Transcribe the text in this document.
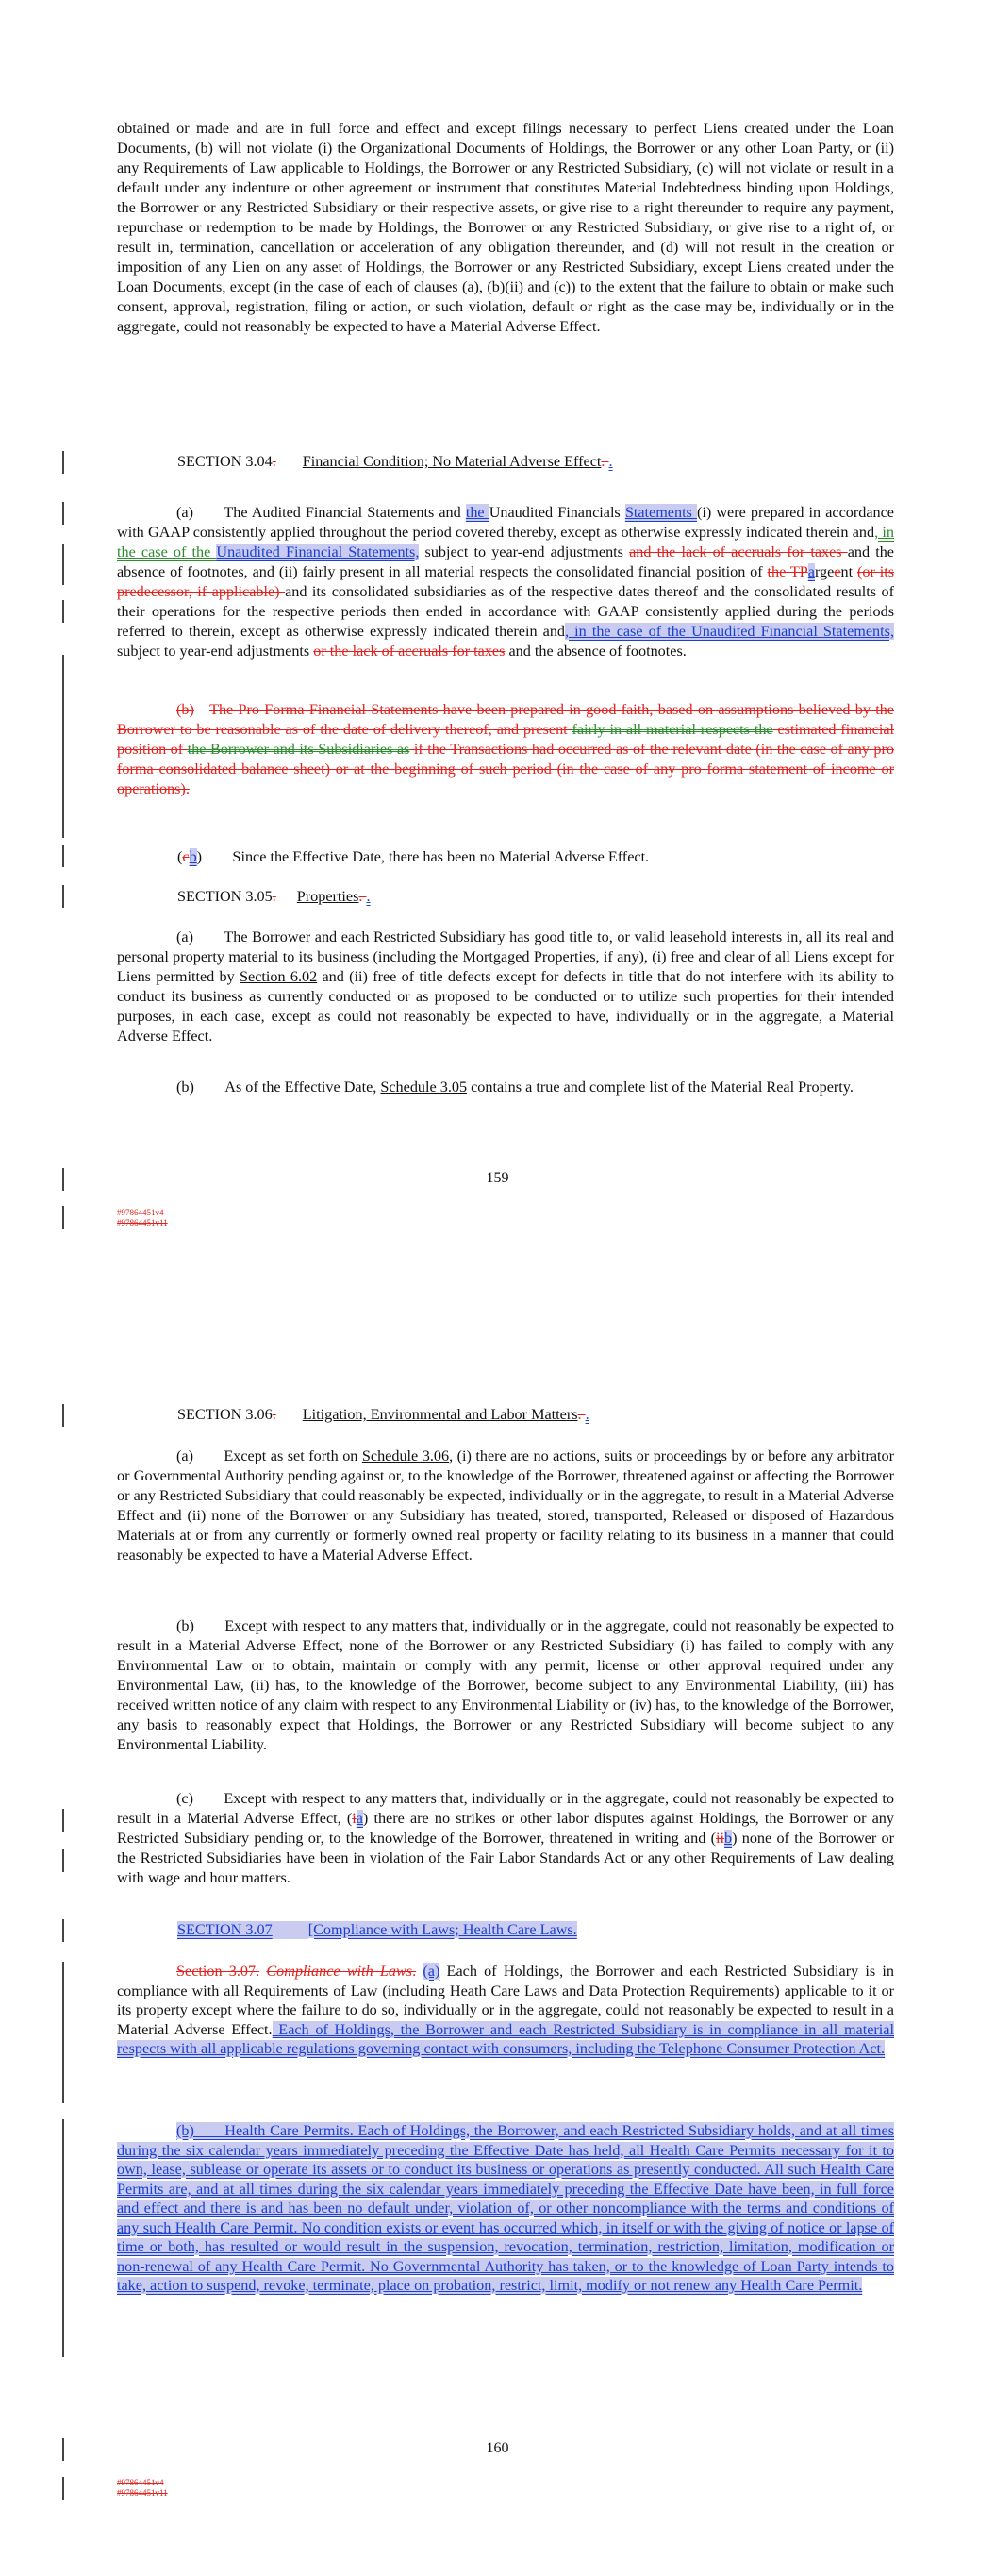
obtained or made and are in full force and effect and except filings necessary to perfect Liens created under the Loan Documents, (b) will not violate (i) the Organizational Documents of Holdings, the Borrower or any other Loan Party, or (ii) any Requirements of Law applicable to Holdings, the Borrower or any Restricted Subsidiary, (c) will not violate or result in a default under any indenture or other agreement or instrument that constitutes Material Indebtedness binding upon Holdings, the Borrower or any Restricted Subsidiary or their respective assets, or give rise to a right thereunder to require any payment, repurchase or redemption to be made by Holdings, the Borrower or any Restricted Subsidiary, or give rise to a right of, or result in, termination, cancellation or acceleration of any obligation thereunder, and (d) will not result in the creation or imposition of any Lien on any asset of Holdings, the Borrower or any Restricted Subsidiary, except Liens created under the Loan Documents, except (in the case of each of clauses (a), (b)(ii) and (c)) to the extent that the failure to obtain or make such consent, approval, registration, filing or action, or such violation, default or right as the case may be, individually or in the aggregate, could not reasonably be expected to have a Material Adverse Effect.
SECTION 3.04. Financial Condition; No Material Adverse Effect. .
(a)  The Audited Financial Statements and the Unaudited Financials Statements (i) were prepared in accordance with GAAP consistently applied throughout the period covered thereby, except as otherwise expressly indicated therein and, in the case of the Unaudited Financial Statements, subject to year-end adjustments and the lack of accruals for taxes and the absence of footnotes, and (ii) fairly present in all material respects the consolidated financial position of the TPargeent (or its predecessor, if applicable) and its consolidated subsidiaries as of the respective dates thereof and the consolidated results of their operations for the respective periods then ended in accordance with GAAP consistently applied during the periods referred to therein, except as otherwise expressly indicated therein and, in the case of the Unaudited Financial Statements, subject to year-end adjustments or the lack of accruals for taxes and the absence of footnotes.
(b)  The Pro Forma Financial Statements have been prepared in good faith, based on assumptions believed by the Borrower to be reasonable as of the date of delivery thereof, and present fairly in all material respects the estimated financial position of the Borrower and its Subsidiaries as if the Transactions had occurred as of the relevant date (in the case of any pro forma consolidated balance sheet) or at the beginning of such period (in the case of any pro forma statement of income or operations).
(cb)  Since the Effective Date, there has been no Material Adverse Effect.
SECTION 3.05. Properties. .
(a)  The Borrower and each Restricted Subsidiary has good title to, or valid leasehold interests in, all its real and personal property material to its business (including the Mortgaged Properties, if any), (i) free and clear of all Liens except for Liens permitted by Section 6.02 and (ii) free of title defects except for defects in title that do not interfere with its ability to conduct its business as currently conducted or as proposed to be conducted or to utilize such properties for their intended purposes, in each case, except as could not reasonably be expected to have, individually or in the aggregate, a Material Adverse Effect.
(b)  As of the Effective Date, Schedule 3.05 contains a true and complete list of the Material Real Property.
159
#97864451v4
#97864451v11
SECTION 3.06. Litigation, Environmental and Labor Matters. .
(a)  Except as set forth on Schedule 3.06, (i) there are no actions, suits or proceedings by or before any arbitrator or Governmental Authority pending against or, to the knowledge of the Borrower, threatened against or affecting the Borrower or any Restricted Subsidiary that could reasonably be expected, individually or in the aggregate, to result in a Material Adverse Effect and (ii) none of the Borrower or any Subsidiary has treated, stored, transported, Released or disposed of Hazardous Materials at or from any currently or formerly owned real property or facility relating to its business in a manner that could reasonably be expected to have a Material Adverse Effect.
(b)  Except with respect to any matters that, individually or in the aggregate, could not reasonably be expected to result in a Material Adverse Effect, none of the Borrower or any Restricted Subsidiary (i) has failed to comply with any Environmental Law or to obtain, maintain or comply with any permit, license or other approval required under any Environmental Law, (ii) has, to the knowledge of the Borrower, become subject to any Environmental Liability, (iii) has received written notice of any claim with respect to any Environmental Liability or (iv) has, to the knowledge of the Borrower, any basis to reasonably expect that Holdings, the Borrower or any Restricted Subsidiary will become subject to any Environmental Liability.
(c)  Except with respect to any matters that, individually or in the aggregate, could not reasonably be expected to result in a Material Adverse Effect, (ia) there are no strikes or other labor disputes against Holdings, the Borrower or any Restricted Subsidiary pending or, to the knowledge of the Borrower, threatened in writing and (iib) none of the Borrower or the Restricted Subsidiaries have been in violation of the Fair Labor Standards Act or any other Requirements of Law dealing with wage and hour matters.
SECTION 3.07 [Compliance with Laws; Health Care Laws.
Section 3.07. Compliance with Laws. (a) Each of Holdings, the Borrower and each Restricted Subsidiary is in compliance with all Requirements of Law (including Heath Care Laws and Data Protection Requirements) applicable to it or its property except where the failure to do so, individually or in the aggregate, could not reasonably be expected to result in a Material Adverse Effect. Each of Holdings, the Borrower and each Restricted Subsidiary is in compliance in all material respects with all applicable regulations governing contact with consumers, including the Telephone Consumer Protection Act.
(b)  Health Care Permits. Each of Holdings, the Borrower, and each Restricted Subsidiary holds, and at all times during the six calendar years immediately preceding the Effective Date has held, all Health Care Permits necessary for it to own, lease, sublease or operate its assets or to conduct its business or operations as presently conducted. All such Health Care Permits are, and at all times during the six calendar years immediately preceding the Effective Date have been, in full force and effect and there is and has been no default under, violation of, or other noncompliance with the terms and conditions of any such Health Care Permit. No condition exists or event has occurred which, in itself or with the giving of notice or lapse of time or both, has resulted or would result in the suspension, revocation, termination, restriction, limitation, modification or non-renewal of any Health Care Permit. No Governmental Authority has taken, or to the knowledge of Loan Party intends to take, action to suspend, revoke, terminate, place on probation, restrict, limit, modify or not renew any Health Care Permit.
160
#97864451v4
#97864451v11
